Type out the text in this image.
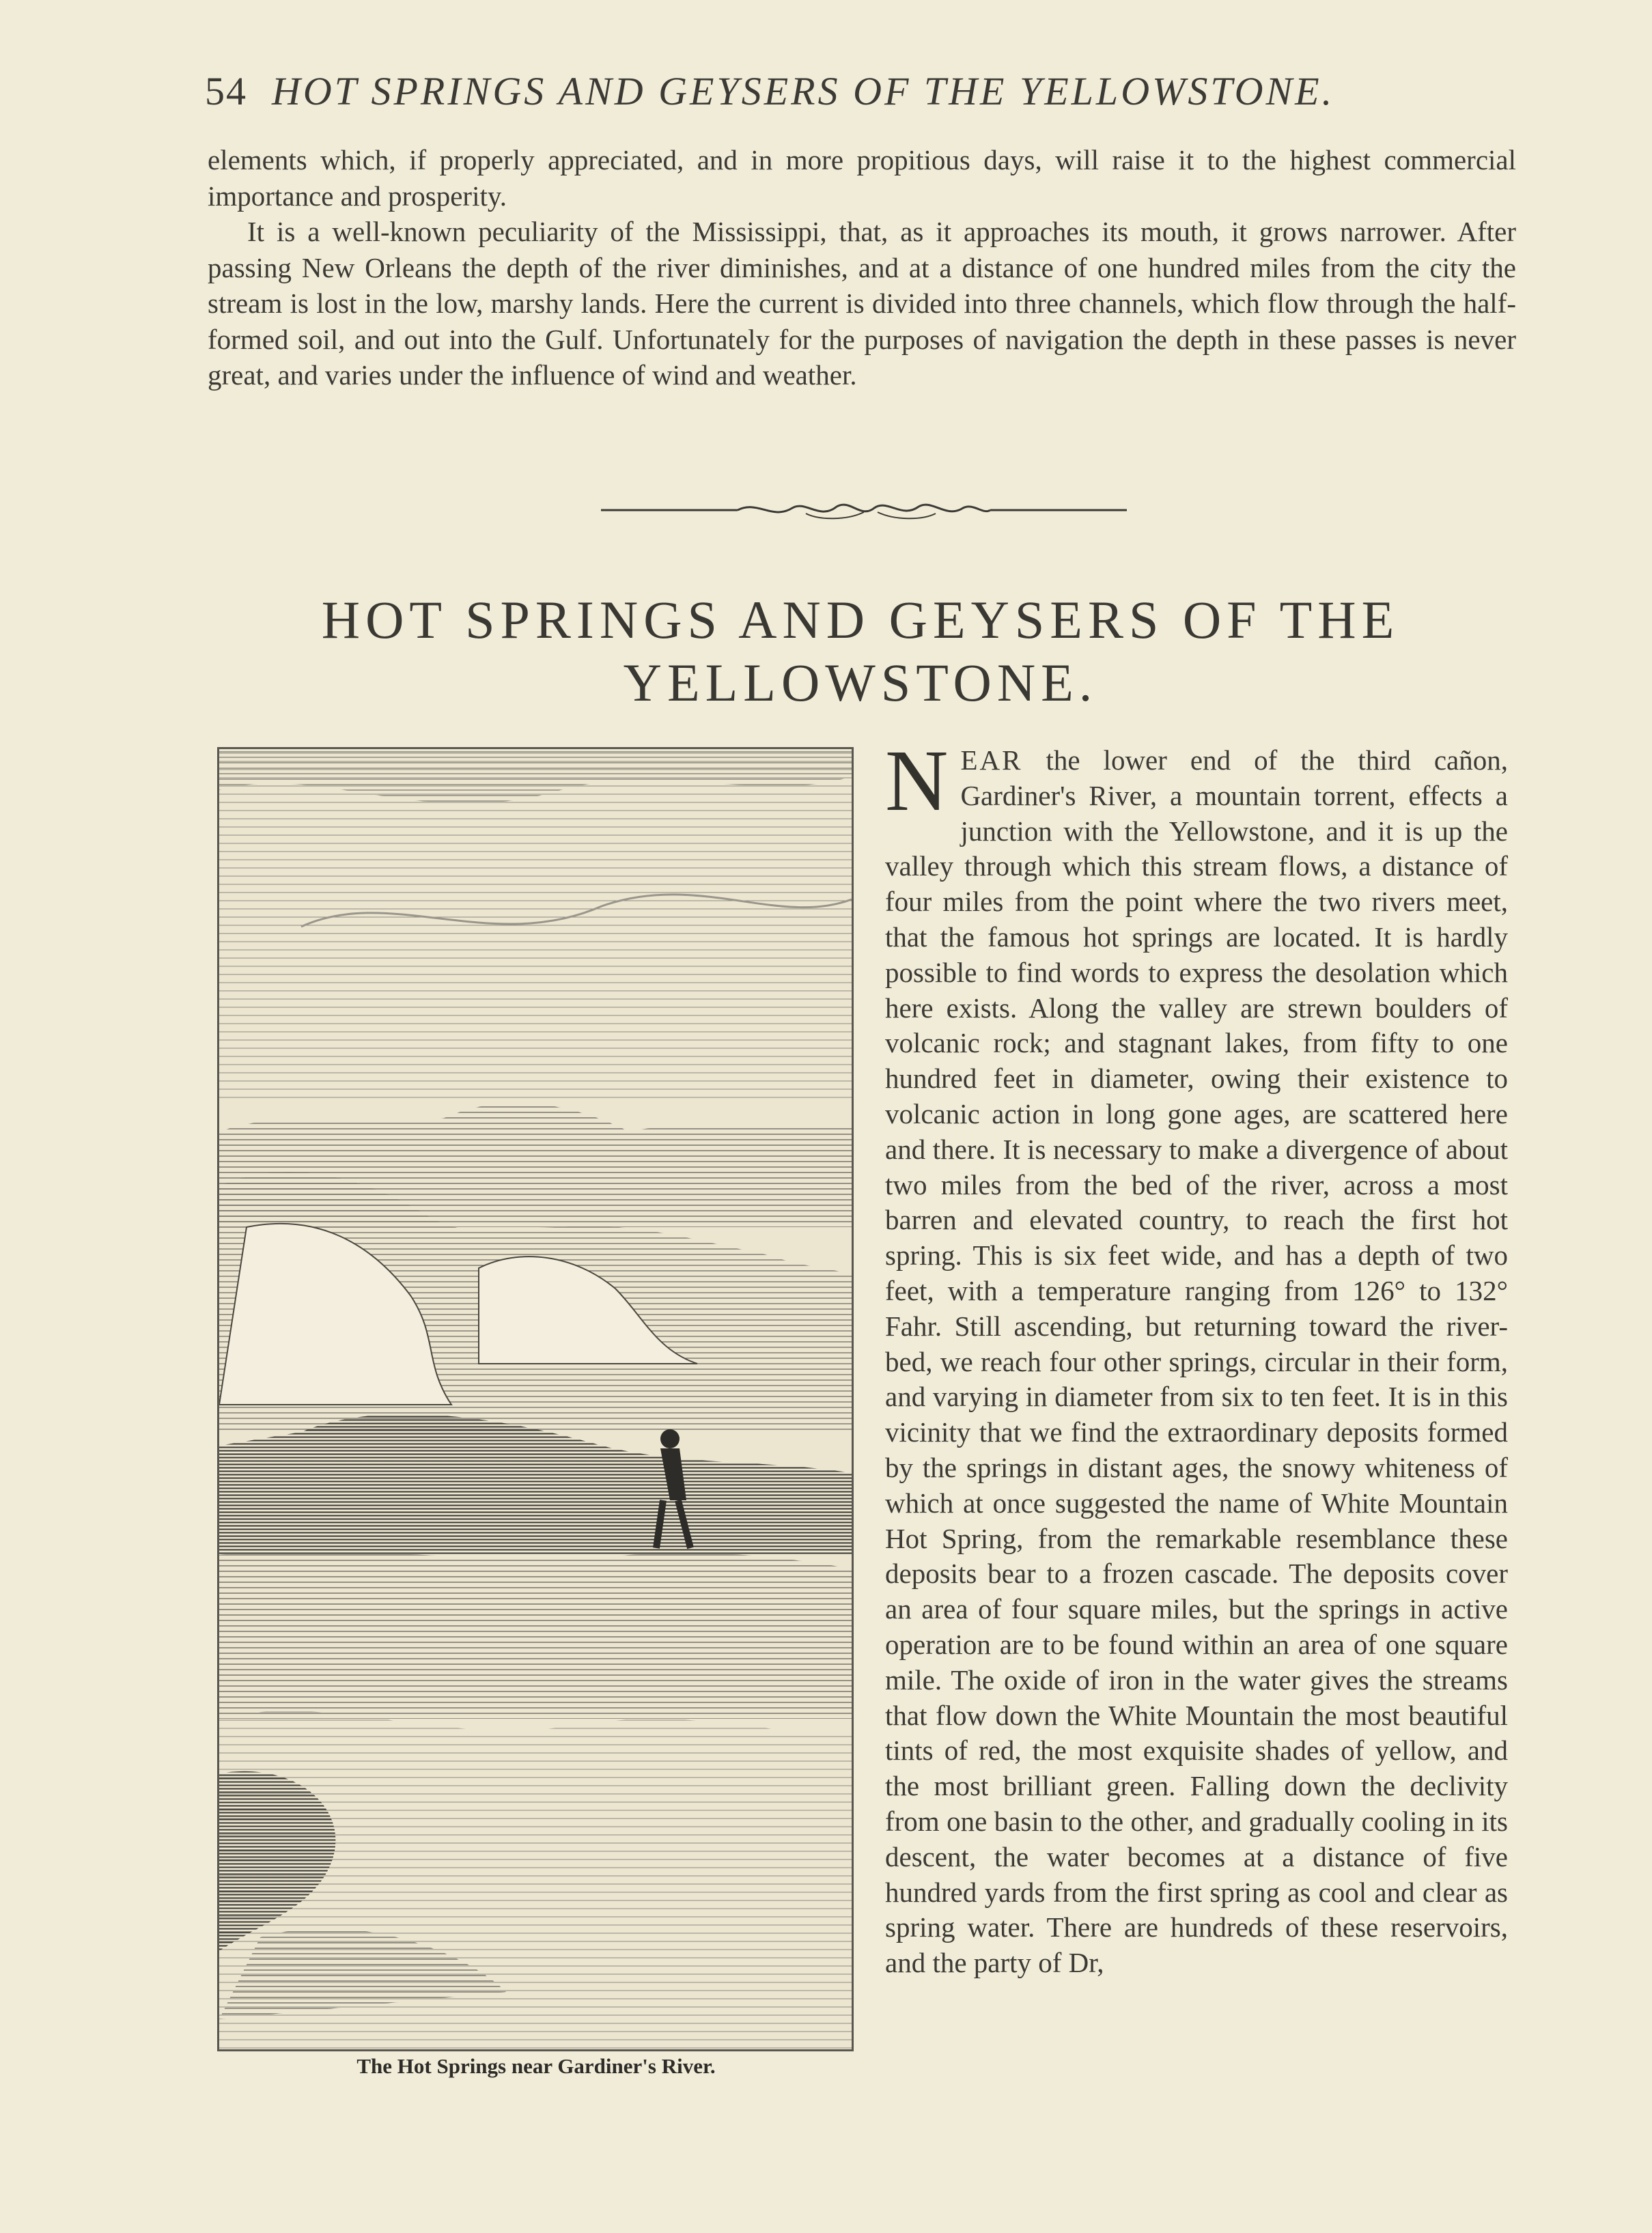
54 HOT SPRINGS AND GEYSERS OF THE YELLOWSTONE.

elements which, if properly appreciated, and in more propitious days, will raise it to the highest commercial importance and prosperity.

It is a well-known peculiarity of the Mississippi, that, as it approaches its mouth, it grows narrower. After passing New Orleans the depth of the river diminishes, and at a distance of one hundred miles from the city the stream is lost in the low, marshy lands. Here the current is divided into three channels, which flow through the half-formed soil, and out into the Gulf. Unfortunately for the purposes of navigation the depth in these passes is never great, and varies under the influence of wind and weather.

HOT SPRINGS AND GEYSERS OF THE
YELLOWSTONE.
The Hot Springs near Gardiner's River.

NEAR the lower end of the third cañon, Gardiner's River, a mountain torrent, effects a junction with the Yellowstone, and it is up the valley through which this stream flows, a distance of four miles from the point where the two rivers meet, that the famous hot springs are located. It is hardly possible to find words to express the desolation which here exists. Along the valley are strewn boulders of volcanic rock; and stagnant lakes, from fifty to one hundred feet in diameter, owing their existence to volcanic action in long gone ages, are scattered here and there. It is necessary to make a divergence of about two miles from the bed of the river, across a most barren and elevated country, to reach the first hot spring. This is six feet wide, and has a depth of two feet, with a temperature ranging from 126° to 132° Fahr. Still ascending, but returning toward the river-bed, we reach four other springs, circular in their form, and varying in diameter from six to ten feet. It is in this vicinity that we find the extraordinary deposits formed by the springs in distant ages, the snowy whiteness of which at once suggested the name of White Mountain Hot Spring, from the remarkable resemblance these deposits bear to a frozen cascade. The deposits cover an area of four square miles, but the springs in active operation are to be found within an area of one square mile. The oxide of iron in the water gives the streams that flow down the White Mountain the most beautiful tints of red, the most exquisite shades of yellow, and the most brilliant green. Falling down the declivity from one basin to the other, and gradually cooling in its descent, the water becomes at a distance of five hundred yards from the first spring as cool and clear as spring water. There are hundreds of these reservoirs, and the party of Dr,
